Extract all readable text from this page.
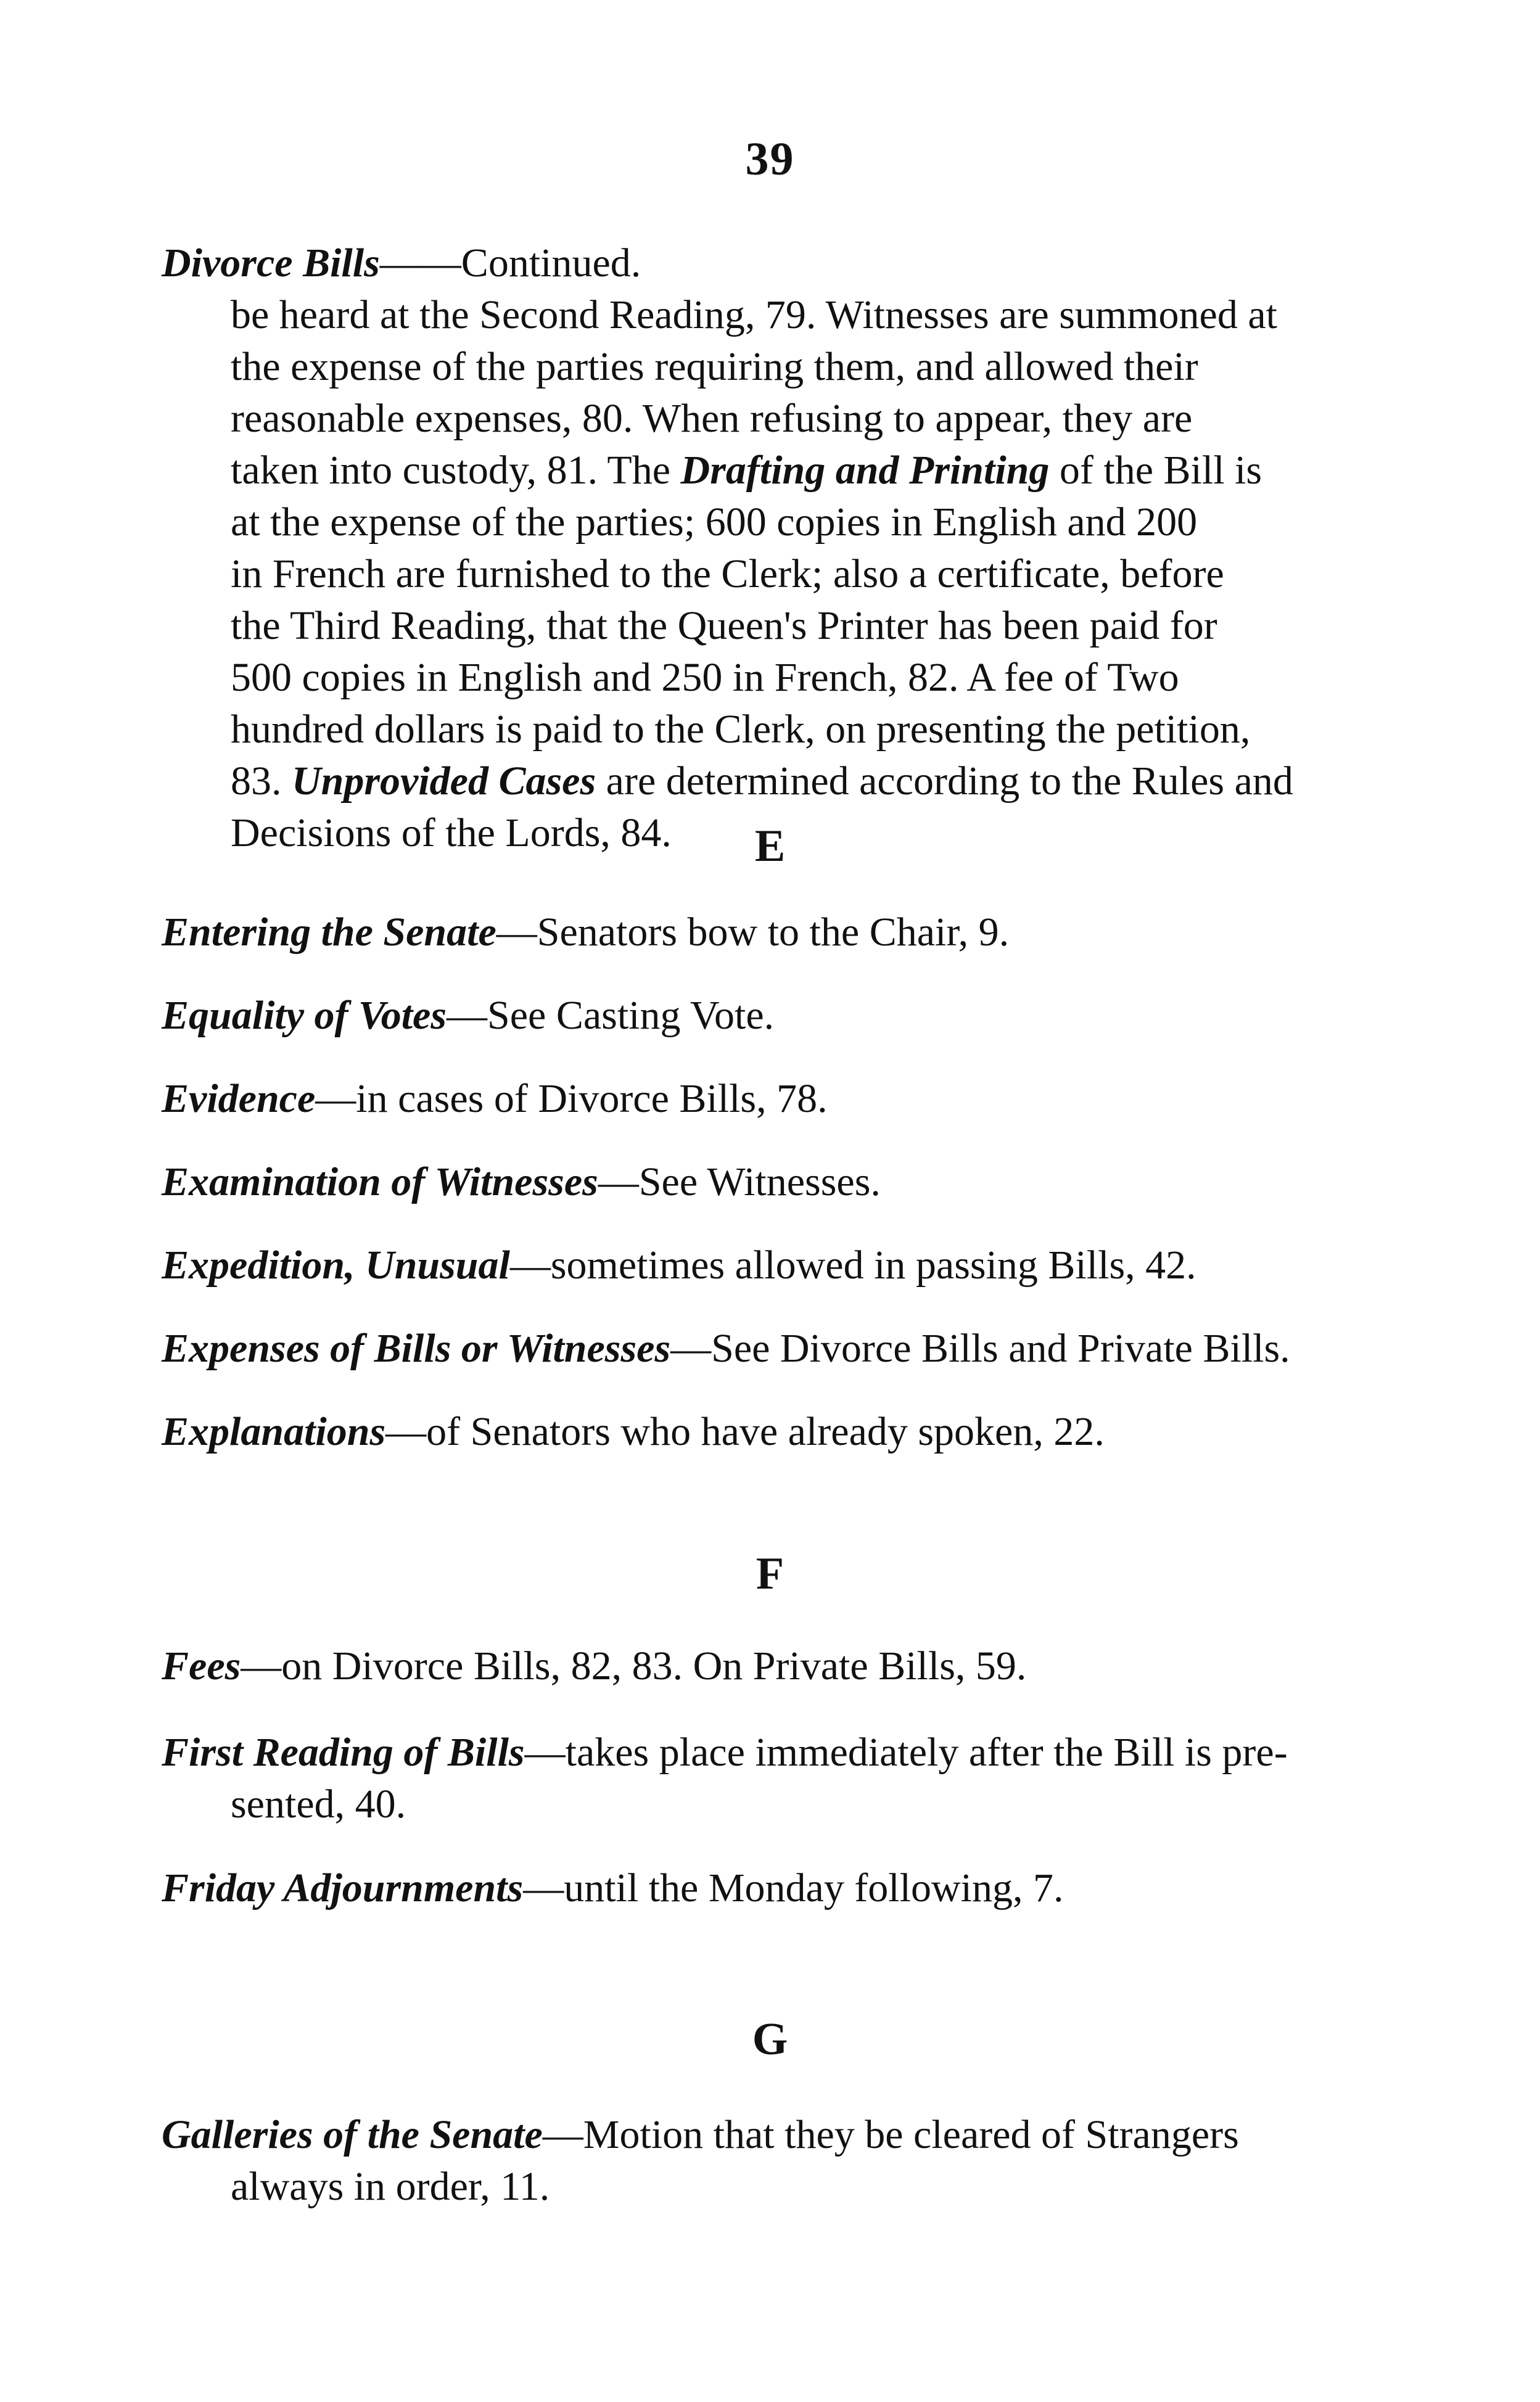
39
Divorce Bills——Continued.
be heard at the Second Reading, 79. Witnesses are summoned at
the expense of the parties requiring them, and allowed their
reasonable expenses, 80. When refusing to appear, they are
taken into custody, 81. The Drafting and Printing of the Bill is
at the expense of the parties; 600 copies in English and 200
in French are furnished to the Clerk; also a certificate, before
the Third Reading, that the Queen's Printer has been paid for
500 copies in English and 250 in French, 82. A fee of Two
hundred dollars is paid to the Clerk, on presenting the petition,
83. Unprovided Cases are determined according to the Rules and
Decisions of the Lords, 84.	E
Entering the Senate—Senators bow to the Chair, 9.
Equality of Votes—See Casting Vote.
Evidence—in cases of Divorce Bills, 78.
Examination of Witnesses—See Witnesses.
Expedition, Unusual—sometimes allowed in passing Bills, 42.
Expenses of Bills or Witnesses—See Divorce Bills and Private Bills.
Explanations—of Senators who have already spoken, 22.
F
Fees—on Divorce Bills, 82, 83. On Private Bills, 59.
First Reading of Bills—takes place immediately after the Bill is pre-
sented, 40.
Friday Adjournments—until the Monday following, 7.
G
Galleries of the Senate—Motion that they be cleared of Strangers
always in order, 11.
